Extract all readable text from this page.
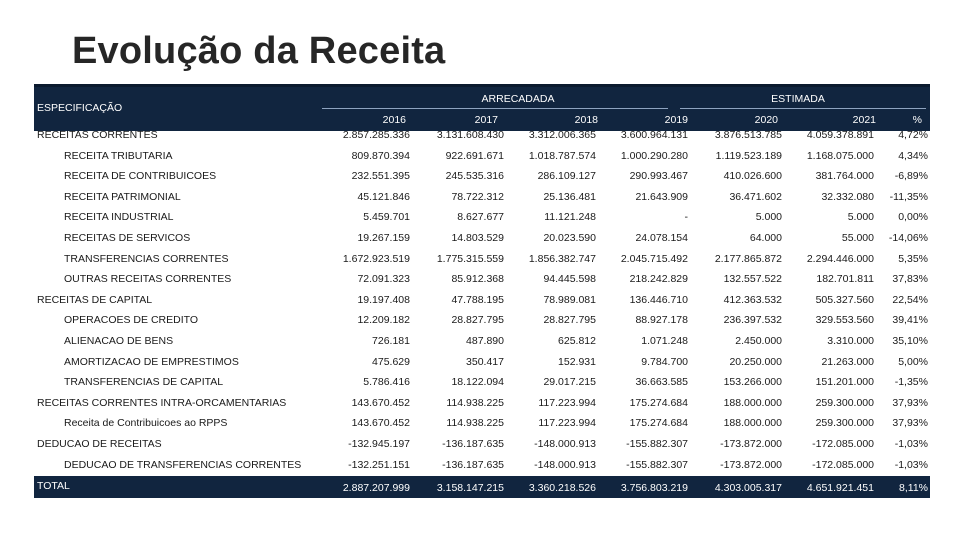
Evolução da Receita
ESPECIFICAÇÃO
ARRECADADA	ESTIMADA
2016	2017	2018	2019	2020	2021	%
RECEITAS CORRENTES	2.857.285.336	3.131.608.430	3.312.006.365	3.600.964.131	3.876.513.785	4.059.378.891	4,72%
RECEITA TRIBUTARIA	809.870.394	922.691.671	1.018.787.574	1.000.290.280	1.119.523.189	1.168.075.000	4,34%
RECEITA DE CONTRIBUICOES	232.551.395	245.535.316	286.109.127	290.993.467	410.026.600	381.764.000	-6,89%
RECEITA PATRIMONIAL	45.121.846	78.722.312	25.136.481	21.643.909	36.471.602	32.332.080	-11,35%
RECEITA INDUSTRIAL	5.459.701	8.627.677	11.121.248	-	5.000	5.000	0,00%
RECEITAS DE SERVICOS	19.267.159	14.803.529	20.023.590	24.078.154	64.000	55.000	-14,06%
TRANSFERENCIAS CORRENTES	1.672.923.519	1.775.315.559	1.856.382.747	2.045.715.492	2.177.865.872	2.294.446.000	5,35%
OUTRAS RECEITAS CORRENTES	72.091.323	85.912.368	94.445.598	218.242.829	132.557.522	182.701.811	37,83%
RECEITAS DE CAPITAL	19.197.408	47.788.195	78.989.081	136.446.710	412.363.532	505.327.560	22,54%
OPERACOES DE CREDITO	12.209.182	28.827.795	28.827.795	88.927.178	236.397.532	329.553.560	39,41%
ALIENACAO DE BENS	726.181	487.890	625.812	1.071.248	2.450.000	3.310.000	35,10%
AMORTIZACAO DE EMPRESTIMOS	475.629	350.417	152.931	9.784.700	20.250.000	21.263.000	5,00%
TRANSFERENCIAS DE CAPITAL	5.786.416	18.122.094	29.017.215	36.663.585	153.266.000	151.201.000	-1,35%
RECEITAS CORRENTES INTRA-ORCAMENTARIAS	143.670.452	114.938.225	117.223.994	175.274.684	188.000.000	259.300.000	37,93%
Receita de Contribuicoes ao RPPS	143.670.452	114.938.225	117.223.994	175.274.684	188.000.000	259.300.000	37,93%
DEDUCAO DE RECEITAS	-132.945.197	-136.187.635	-148.000.913	-155.882.307	-173.872.000	-172.085.000	-1,03%
DEDUCAO DE TRANSFERENCIAS CORRENTES	-132.251.151	-136.187.635	-148.000.913	-155.882.307	-173.872.000	-172.085.000	-1,03%
TOTAL	2.887.207.999	3.158.147.215	3.360.218.526	3.756.803.219	4.303.005.317	4.651.921.451	8,11%
